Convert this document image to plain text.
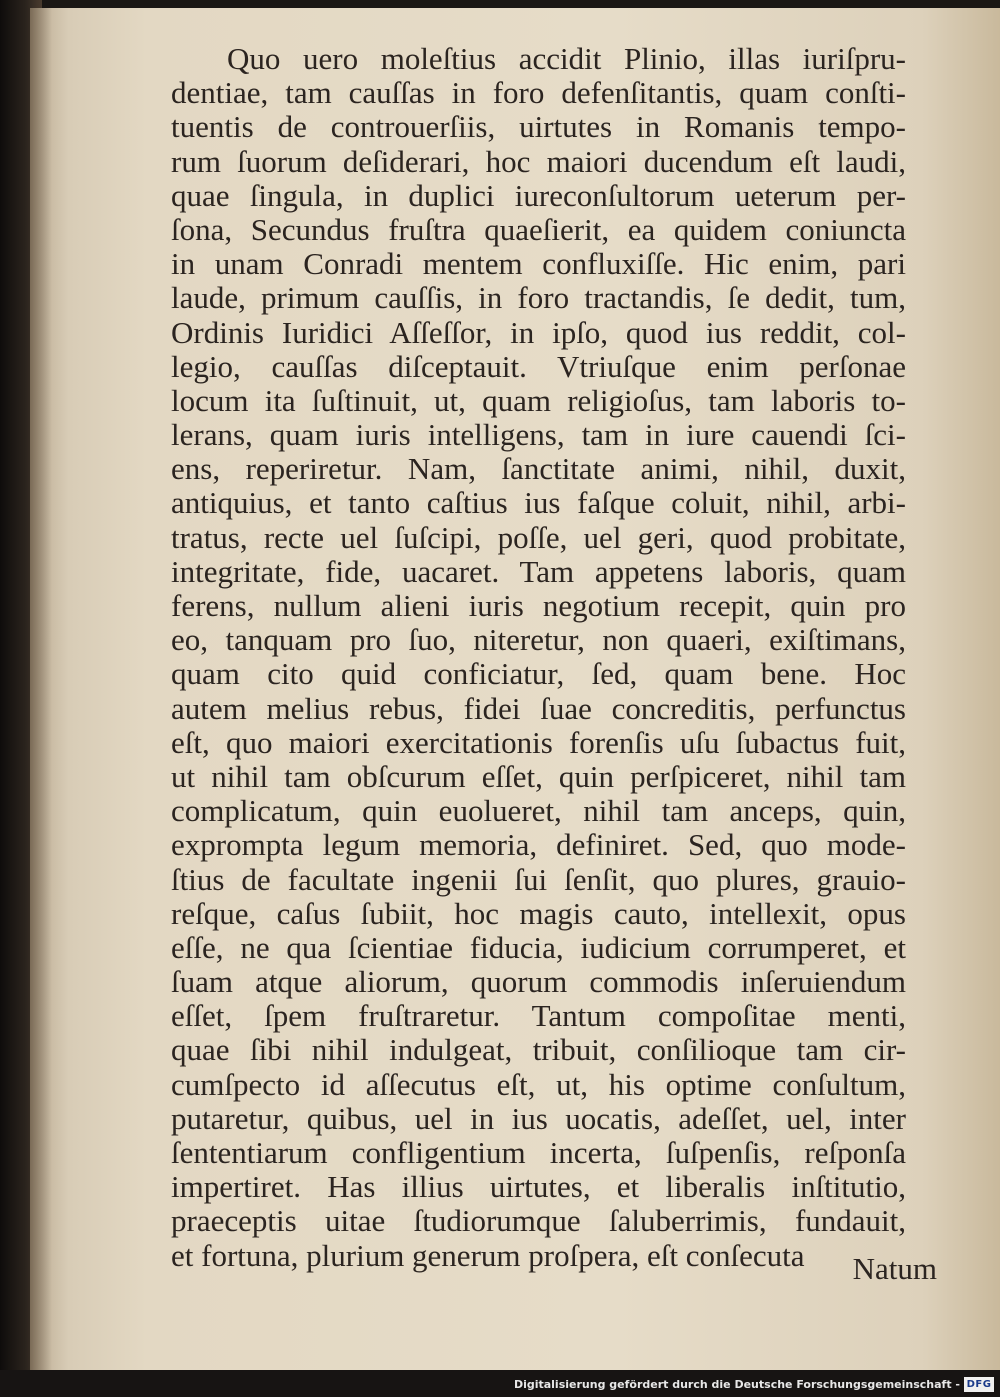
Quo uero moleſtius accidit Plinio, illas iuriſpru-
dentiae, tam cauſſas in foro defenſitantis, quam conſti-
tuentis de controuerſiis, uirtutes in Romanis tempo-
rum ſuorum deſiderari, hoc maiori ducendum eſt laudi,
quae ſingula, in duplici iureconſultorum ueterum per-
ſona, Secundus fruſtra quaeſierit, ea quidem coniuncta
in unam Conradi mentem confluxiſſe. Hic enim, pari
laude, primum cauſſis, in foro tractandis, ſe dedit, tum,
Ordinis Iuridici Aſſeſſor, in ipſo, quod ius reddit, col-
legio, cauſſas diſceptauit. Vtriuſque enim perſonae
locum ita ſuſtinuit, ut, quam religioſus, tam laboris to-
lerans, quam iuris intelligens, tam in iure cauendi ſci-
ens, reperiretur. Nam, ſanctitate animi, nihil, duxit,
antiquius, et tanto caſtius ius faſque coluit, nihil, arbi-
tratus, recte uel ſuſcipi, poſſe, uel geri, quod probitate,
integritate, fide, uacaret. Tam appetens laboris, quam
ferens, nullum alieni iuris negotium recepit, quin pro
eo, tanquam pro ſuo, niteretur, non quaeri, exiſtimans,
quam cito quid conficiatur, ſed, quam bene. Hoc
autem melius rebus, fidei ſuae concreditis, perfunctus
eſt, quo maiori exercitationis forenſis uſu ſubactus fuit,
ut nihil tam obſcurum eſſet, quin perſpiceret, nihil tam
complicatum, quin euolueret, nihil tam anceps, quin,
exprompta legum memoria, definiret. Sed, quo mode-
ſtius de facultate ingenii ſui ſenſit, quo plures, grauio-
reſque, caſus ſubiit, hoc magis cauto, intellexit, opus
eſſe, ne qua ſcientiae fiducia, iudicium corrumperet, et
ſuam atque aliorum, quorum commodis inſeruiendum
eſſet, ſpem fruſtraretur. Tantum compoſitae menti,
quae ſibi nihil indulgeat, tribuit, conſilioque tam cir-
cumſpecto id aſſecutus eſt, ut, his optime conſultum,
putaretur, quibus, uel in ius uocatis, adeſſet, uel, inter
ſententiarum confligentium incerta, ſuſpenſis, reſponſa
impertiret. Has illius uirtutes, et liberalis inſtitutio,
praeceptis uitae ſtudiorumque ſaluberrimis, fundauit,
et fortuna, plurium generum proſpera, eſt conſecuta	Natum
Digitalisierung gefördert durch die Deutsche Forschungsgemeinschaft - DFG
